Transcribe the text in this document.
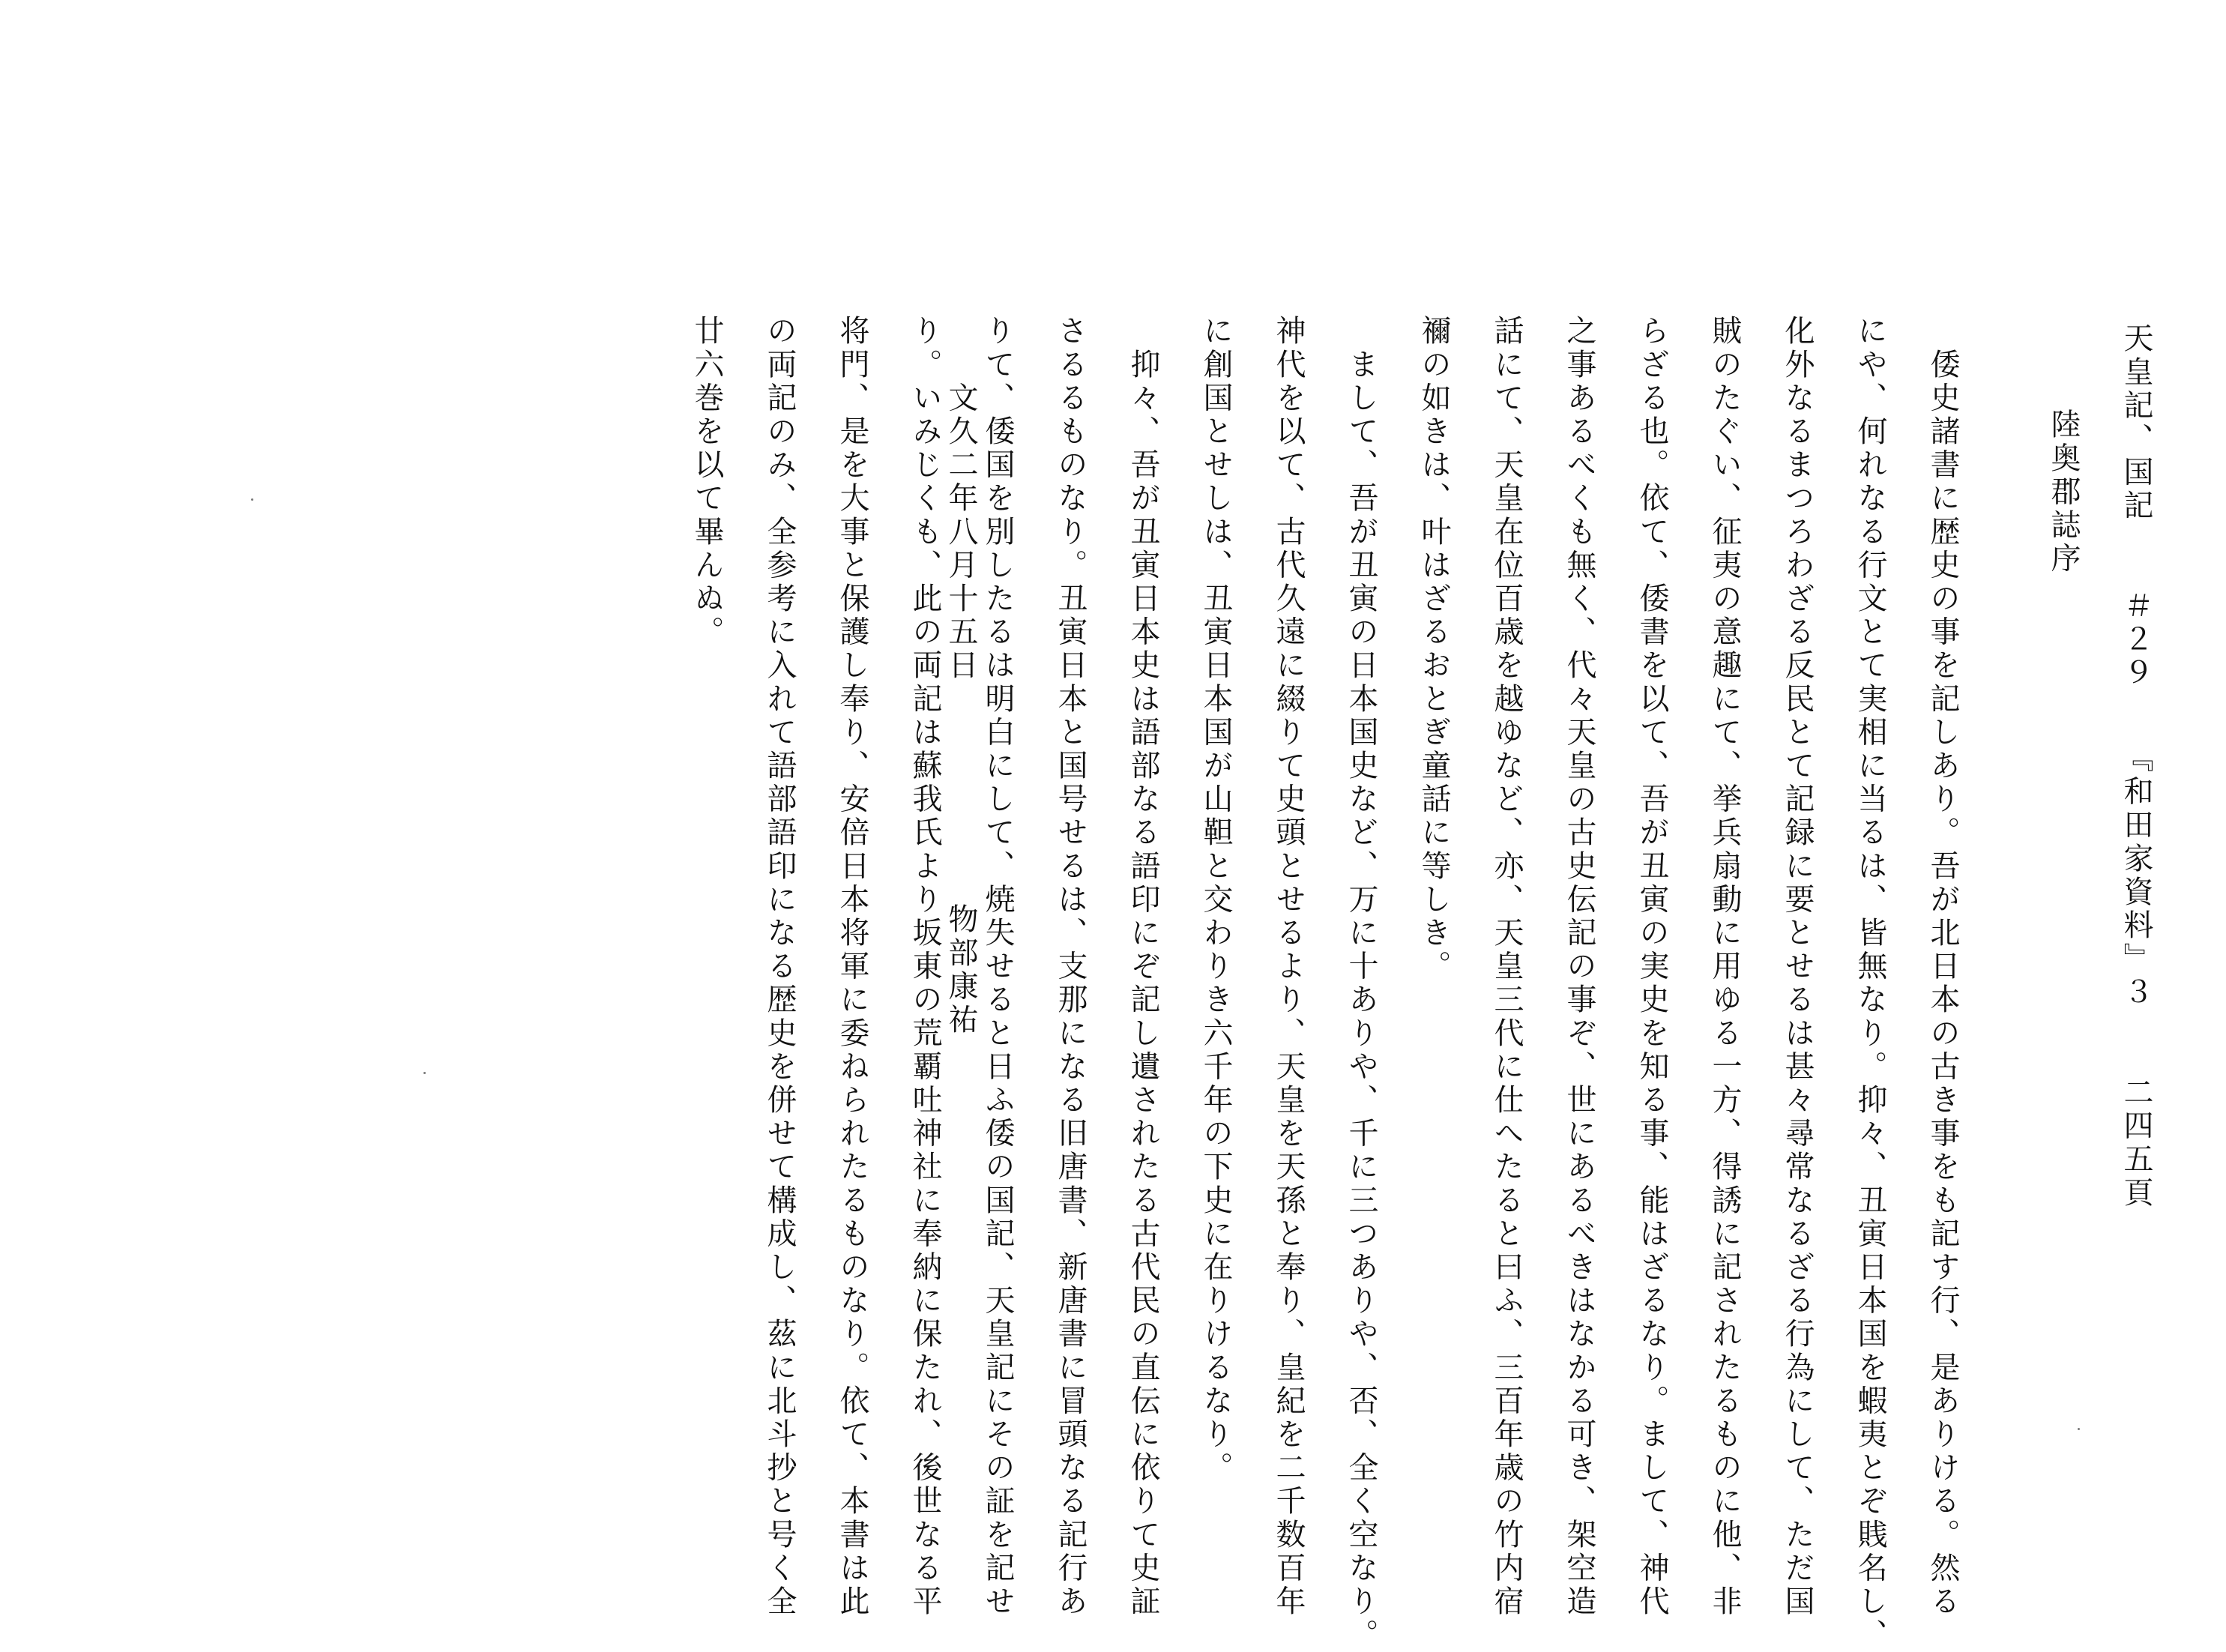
天皇記、国記　　＃２９　　『和田家資料』３　　二四五頁
陸奥郡誌序
　倭史諸書に歴史の事を記しあり。吾が北日本の古き事をも記す行、是ありける。然る
にや、何れなる行文とて実相に当るは、皆無なり。抑々、丑寅日本国を蝦夷とぞ賎名し、
化外なるまつろわざる反民とて記録に要とせるは甚々尋常なるざる行為にして、ただ国
賊のたぐい、征夷の意趣にて、挙兵扇動に用ゆる一方、得誘に記されたるものに他、非
らざる也。依て、倭書を以て、吾が丑寅の実史を知る事、能はざるなり。まして、神代
之事あるべくも無く、代々天皇の古史伝記の事ぞ、世にあるべきはなかる可き、架空造
話にて、天皇在位百歳を越ゆなど、亦、天皇三代に仕へたると曰ふ、三百年歳の竹内宿
禰の如きは、叶はざるおとぎ童話に等しき。
　まして、吾が丑寅の日本国史など、万に十ありや、千に三つありや、否、全く空なり。
神代を以て、古代久遠に綴りて史頭とせるより、天皇を天孫と奉り、皇紀を二千数百年
に創国とせしは、丑寅日本国が山靼と交わりき六千年の下史に在りけるなり。
　抑々、吾が丑寅日本史は語部なる語印にぞ記し遺されたる古代民の直伝に依りて史証
さるるものなり。丑寅日本と国号せるは、支那になる旧唐書、新唐書に冒頭なる記行あ
りて、倭国を別したるは明白にして、焼失せると日ふ倭の国記、天皇記にその証を記せ
り。いみじくも、此の両記は蘇我氏より坂東の荒覇吐神社に奉納に保たれ、後世なる平
将門、是を大事と保護し奉り、安倍日本将軍に委ねられたるものなり。依て、本書は此
の両記のみ、全参考に入れて語部語印になる歴史を併せて構成し、茲に北斗抄と号く全
廿六巻を以て畢んぬ。	　　文久二年八月十五日
物部康祐
